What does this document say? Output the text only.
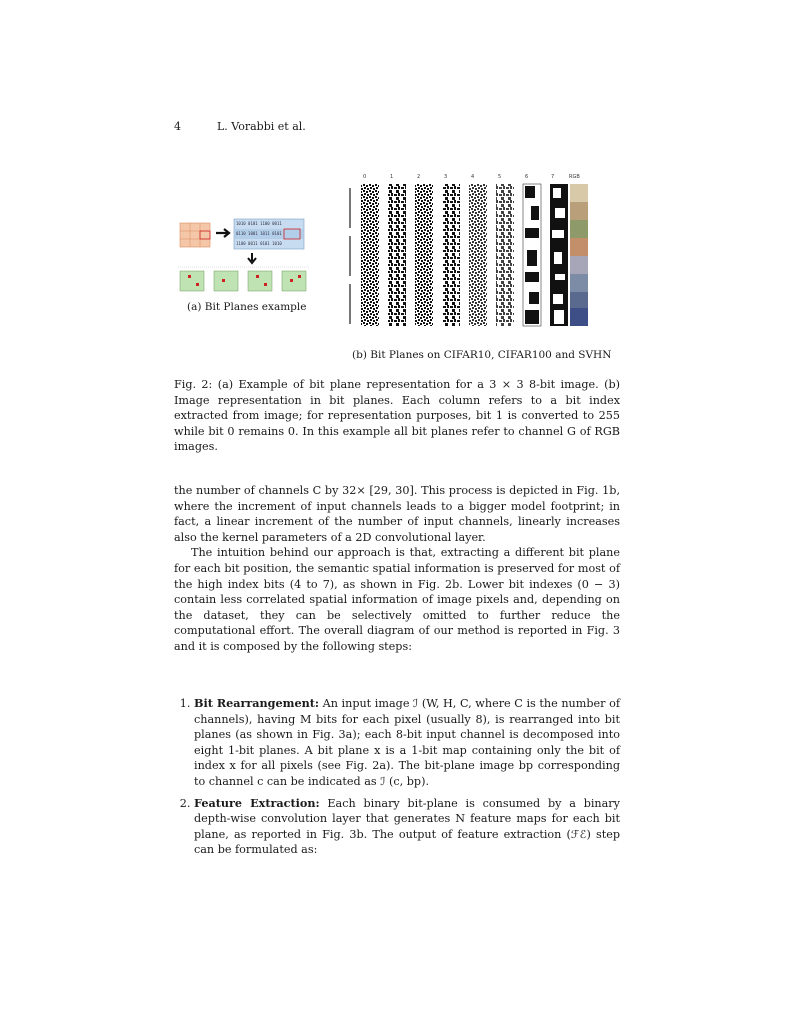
4	L. Vorabbi et al.
1010 0101 1100 0011
0110 1001 1011 0101
1100 0011 0101 1010
(a) Bit Planes example
0	1	2	3	4	5	6	7	RGB
(b) Bit Planes on CIFAR10, CIFAR100 and SVHN
Fig. 2: (a) Example of bit plane representation for a 3 × 3 8-bit image. (b) Image representation in bit planes. Each column refers to a bit index extracted from image; for representation purposes, bit 1 is converted to 255 while bit 0 remains 0. In this example all bit planes refer to channel G of RGB images.

the number of channels C by 32× [29, 30]. This process is depicted in Fig. 1b, where the increment of input channels leads to a bigger model footprint; in fact, a linear increment of the number of input channels, linearly increases also the kernel parameters of a 2D convolutional layer.

The intuition behind our approach is that, extracting a different bit plane for each bit position, the semantic spatial information is preserved for most of the high index bits (4 to 7), as shown in Fig. 2b. Lower bit indexes (0 − 3) contain less correlated spatial information of image pixels and, depending on the dataset, they can be selectively omitted to further reduce the computational effort. The overall diagram of our method is reported in Fig. 3 and it is composed by the following steps:

1. Bit Rearrangement: An input image ℐ (W, H, C, where C is the number of channels), having M bits for each pixel (usually 8), is rearranged into bit planes (as shown in Fig. 3a); each 8-bit input channel is decomposed into eight 1-bit planes. A bit plane x is a 1-bit map containing only the bit of index x for all pixels (see Fig. 2a). The bit-plane image bp corresponding to channel c can be indicated as ℐ (c, bp).
2. Feature Extraction: Each binary bit-plane is consumed by a binary depth-wise convolution layer that generates N feature maps for each bit plane, as reported in Fig. 3b. The output of feature extraction (ℱℰ) step can be formulated as:
